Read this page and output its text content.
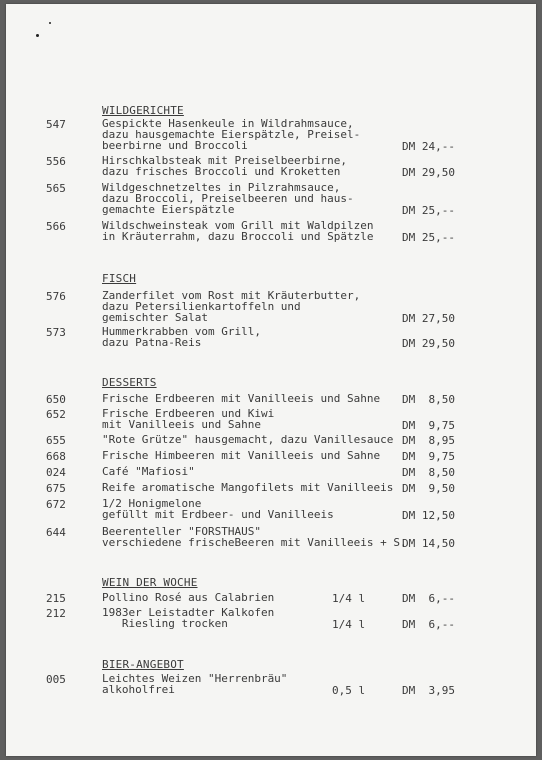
WILDGERICHTE
547	Gespickte Hasenkeule in Wildrahmsauce,
dazu hausgemachte Eierspätzle, Preisel-
beerbirne und Broccoli	DM 24,--
556	Hirschkalbsteak mit Preiselbeerbirne,
dazu frisches Broccoli und Kroketten	DM 29,50
565	Wildgeschnetzeltes in Pilzrahmsauce,
dazu Broccoli, Preiselbeeren und haus-
gemachte Eierspätzle	DM 25,--
566	Wildschweinsteak vom Grill mit Waldpilzen
in Kräuterrahm, dazu Broccoli und Spätzle	DM 25,--
FISCH
576	Zanderfilet vom Rost mit Kräuterbutter,
dazu Petersilienkartoffeln und
gemischter Salat	DM 27,50
573	Hummerkrabben vom Grill,
dazu Patna-Reis	DM 29,50
DESSERTS
650	Frische Erdbeeren mit Vanilleeis und Sahne DM  8,50
652	Frische Erdbeeren und Kiwi
mit Vanilleeis und Sahne	DM  9,75
655	"Rote Grütze" hausgemacht, dazu Vanillesauce DM  8,95
668	Frische Himbeeren mit Vanilleeis und Sahne DM  9,75
024	Café "Mafiosi"	DM  8,50
675	Reife aromatische Mangofilets mit Vanilleeis DM  9,50
672	1/2 Honigmelone
gefüllt mit Erdbeer- und Vanilleeis	DM 12,50
644	Beerenteller "FORSTHAUS"
verschiedene frischeBeeren mit Vanilleeis + S.
DM 14,50
WEIN DER WOCHE
215	Pollino Rosé aus Calabrien	1/4 l	DM  6,--
212	1983er Leistadter Kalkofen
Riesling trocken	1/4 l	DM  6,--
BIER-ANGEBOT
005	Leichtes Weizen "Herrenbräu"
alkoholfrei	0,5 l	DM  3,95
